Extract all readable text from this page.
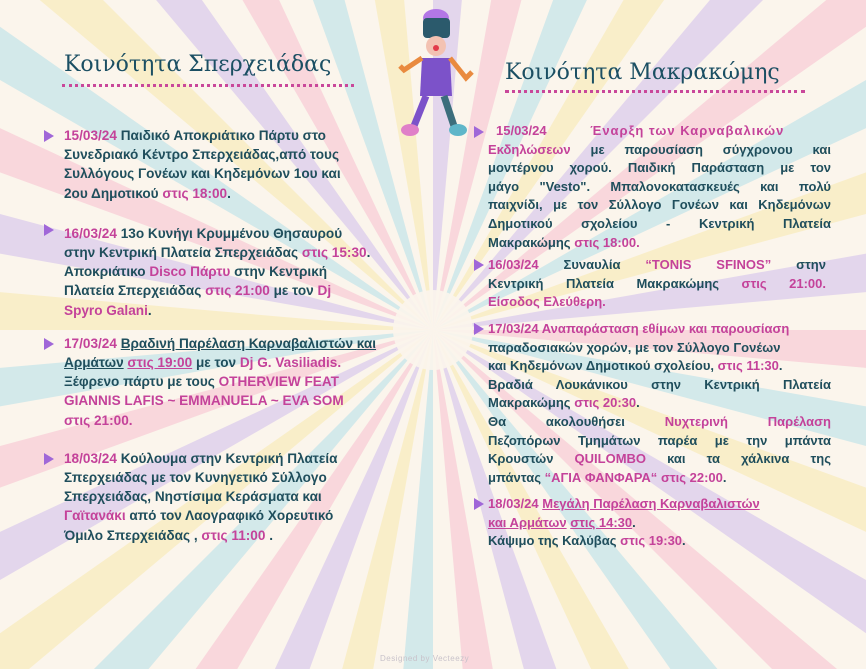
Κοινότητα Σπερχειάδας
15/03/24 Παιδικό Αποκριάτικο Πάρτυ στο
Συνεδριακό Κέντρο Σπερχειάδας,από τους
Συλλόγους Γονέων και Κηδεμόνων 1ου και
2ου Δημοτικού στις 18:00.
16/03/24 13ο Κυνήγι Κρυμμένου Θησαυρού
στην Κεντρική Πλατεία Σπερχειάδας στις 15:30.
Αποκριάτικο Disco Πάρτυ στην Κεντρική
Πλατεία Σπερχειάδας στις 21:00 με τον Dj
Spyro Galani.
17/03/24 Βραδινή Παρέλαση Καρναβαλιστών και
Αρμάτων στις 19:00 με τον Dj G. Vasiliadis.
Ξέφρενο πάρτυ με τους OTHERVIEW FEAT
GIANNIS LAFIS ~ EMMANUELA ~ EVA SOM
στις 21:00.
18/03/24 Κούλουμα στην Κεντρική Πλατεία
Σπερχειάδας με τον Κυνηγετικό Σύλλογο
Σπερχειάδας, Νηστίσιμα Κεράσματα και
Γαϊτανάκι από τον Λαογραφικό Χορευτικό
Όμιλο Σπερχειάδας , στις 11:00 .
Κοινότητα Μακρακώμης
15/03/24	Έναρξη των Καρναβαλικών
Εκδηλώσεων με παρουσίαση σύγχρονου και
μοντέρνου χορού. Παιδική Παράσταση με τον
μάγο "Vesto". Μπαλονοκατασκευές και πολύ
παιχνίδι, με τον Σύλλογο Γονέων και Κηδεμόνων
Δημοτικού σχολείου - Κεντρική Πλατεία
Μακρακώμης στις 18:00.
16/03/24 Συναυλία “TONIS SFINOS” στην
Κεντρική Πλατεία Μακρακώμης στις 21:00.
Είσοδος Ελεύθερη.
17/03/24 Αναπαράσταση εθίμων και παρουσίαση
παραδοσιακών χορών, με τον Σύλλογο Γονέων
και Κηδεμόνων Δημοτικού σχολείου, στις 11:30.
Βραδιά Λουκάνικου στην Κεντρική Πλατεία
Μακρακώμης στις 20:30.
Θα ακολουθήσει	Νυχτερινή Παρέλαση
Πεζοπόρων Τμημάτων παρέα με την μπάντα
Κρουστών QUILOMBO και τα χάλκινα της
μπάντας “ΑΓΙΑ ΦΑΝΦΑΡΑ“ στις 22:00.
18/03/24 Μεγάλη Παρέλαση Καρναβαλιστών
και Αρμάτων στις 14:30.
Κάψιμο της Καλύβας στις 19:30.
Designed by Vecteezy
